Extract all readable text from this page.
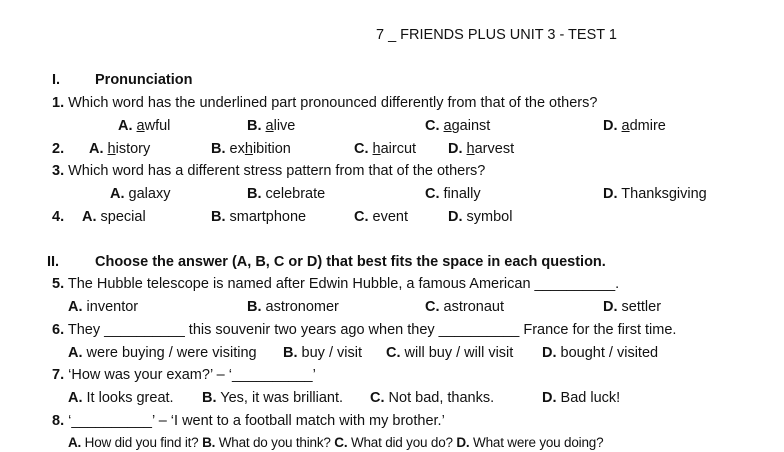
7 _ FRIENDS PLUS UNIT 3 - TEST 1
I. Pronunciation
1. Which word has the underlined part pronounced differently from that of the others?
A. awful	B. alive	C. against	D. admire
2. A. history	B. exhibition	C. haircut D. harvest
3. Which word has a different stress pattern from that of the others?
A. galaxy	B. celebrate	C. finally	D. Thanksgiving
4. A. special	B. smartphone	C. event	D. symbol
II. Choose the answer (A, B, C or D) that best fits the space in each question.
5. The Hubble telescope is named after Edwin Hubble, a famous American __________.
A. inventor	B. astronomer	C. astronaut	D. settler
6. They __________ this souvenir two years ago when they __________ France for the first time.
A. were buying / were visiting B. buy / visit C. will buy / will visit D. bought / visited
7. ‘How was your exam?’ – ‘__________’
A. It looks great. B. Yes, it was brilliant. C. Not bad, thanks.	D. Bad luck!
8. ‘__________’ – ‘I went to a football match with my brother.’
A. How did you find it? B. What do you think? C. What did you do? D. What were you doing?
